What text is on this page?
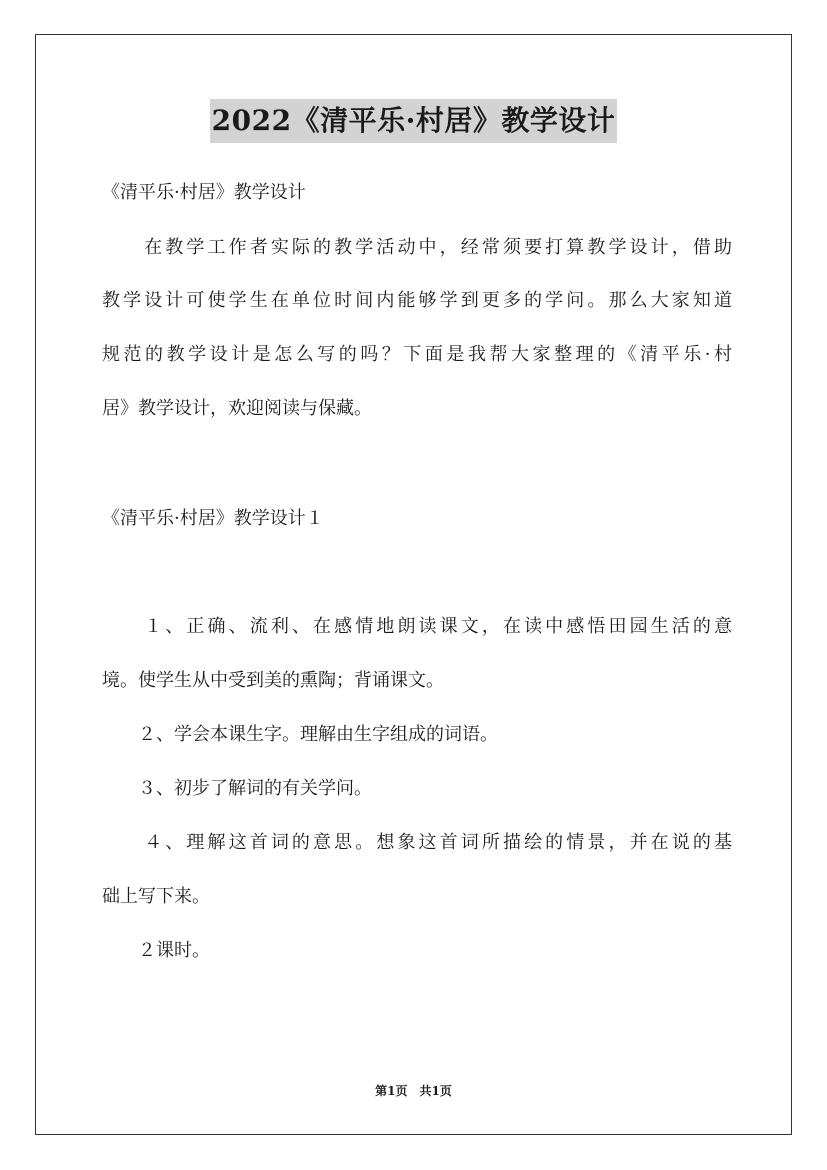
2022《清平乐·村居》教学设计
《清平乐·村居》教学设计
　　在教学工作者实际的教学活动中，经常须要打算教学设计，借助
教学设计可使学生在单位时间内能够学到更多的学问。那么大家知道
规范的教学设计是怎么写的吗？下面是我帮大家整理的《清平乐·村
居》教学设计，欢迎阅读与保藏。
《清平乐·村居》教学设计１
　　１、正确、流利、在感情地朗读课文，在读中感悟田园生活的意
境。使学生从中受到美的熏陶；背诵课文。
　　２、学会本课生字。理解由生字组成的词语。
　　３、初步了解词的有关学问。
　　４、理解这首词的意思。想象这首词所描绘的情景，并在说的基
础上写下来。
　　２课时。
第1页　共1页
